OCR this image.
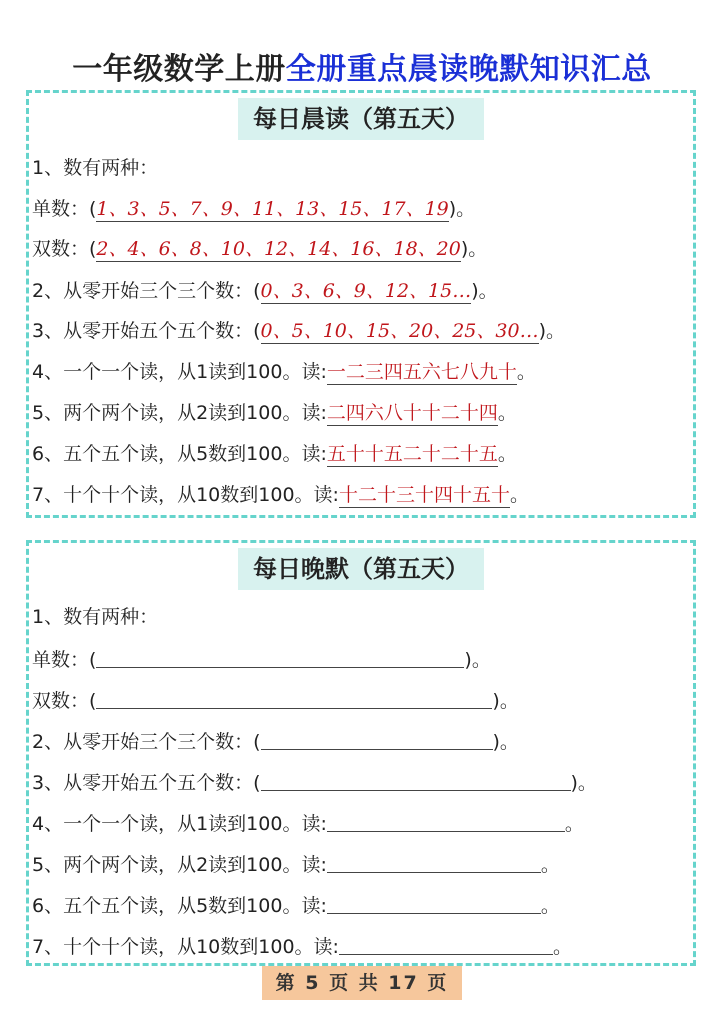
一年级数学上册全册重点晨读晚默知识汇总
每日晨读（第五天）
1、数有两种：
单数：(1、3、5、7、9、11、13、15、17、19)。
双数：(2、4、6、8、10、12、14、16、18、20)。
2、从零开始三个三个数：(0、3、6、9、12、15…)。
3、从零开始五个五个数：(0、5、10、15、20、25、30…)。
4、一个一个读，从1读到100。读:一二三四五六七八九十。
5、两个两个读，从2读到100。读:二四六八十十二十四。
6、五个五个读，从5数到100。读:五十十五二十二十五。
7、十个十个读，从10数到100。读:十二十三十四十五十。
每日晚默（第五天）
1、数有两种：
单数：(	)。
双数：(	)。
2、从零开始三个三个数：(	)。
3、从零开始五个五个数：(	)。
4、一个一个读，从1读到100。读:	。
5、两个两个读，从2读到100。读:	。
6、五个五个读，从5数到100。读:	。
7、十个十个读，从10数到100。读:	。
第 5 页 共 17 页
